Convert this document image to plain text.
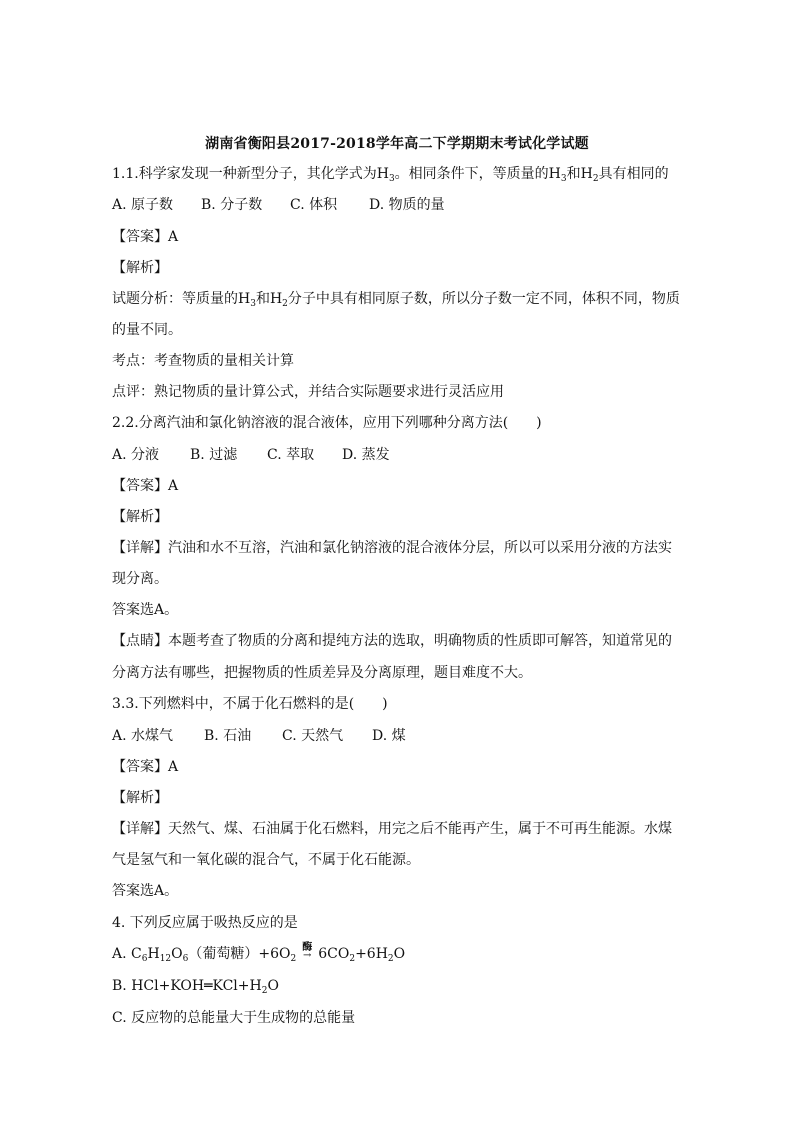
湖南省衡阳县2017-2018学年高二下学期期末考试化学试题
1.1.科学家发现一种新型分子，其化学式为$H_3$。相同条件下，等质量的$H_3$和$H_2$具有相同的
A. 原子数 B. 分子数 C. 体积 D. 物质的量
【答案】A
【解析】
试题分析：等质量的$H_3$和$H_2$分子中具有相同原子数，所以分子数一定不同，体积不同，物质
的量不同。
考点：考查物质的量相关计算
点评：熟记物质的量计算公式，并结合实际题要求进行灵活应用
2.2.分离汽油和氯化钠溶液的混合液体，应用下列哪种分离方法(　　)
A. 分液 B. 过滤 C. 萃取 D. 蒸发
【答案】A
【解析】
【详解】汽油和水不互溶，汽油和氯化钠溶液的混合液体分层，所以可以采用分液的方法实
现分离。
答案选A。
【点睛】本题考查了物质的分离和提纯方法的选取，明确物质的性质即可解答，知道常见的
分离方法有哪些，把握物质的性质差异及分离原理，题目难度不大。
3.3.下列燃料中，不属于化石燃料的是(　　)
A. 水煤气 B. 石油 C. 天然气 D. 煤
【答案】A
【解析】
【详解】天然气、煤、石油属于化石燃料，用完之后不能再产生，属于不可再生能源。水煤
气是氢气和一氧化碳的混合气，不属于化石能源。
答案选A。
4. 下列反应属于吸热反应的是
A. $C_6H_{12}O_6$（葡萄糖）$+6O_2$
酶
→ $6CO_2+6H_2O$
B. $HCl+KOH═KCl+H_2O$
C. 反应物的总能量大于生成物的总能量
